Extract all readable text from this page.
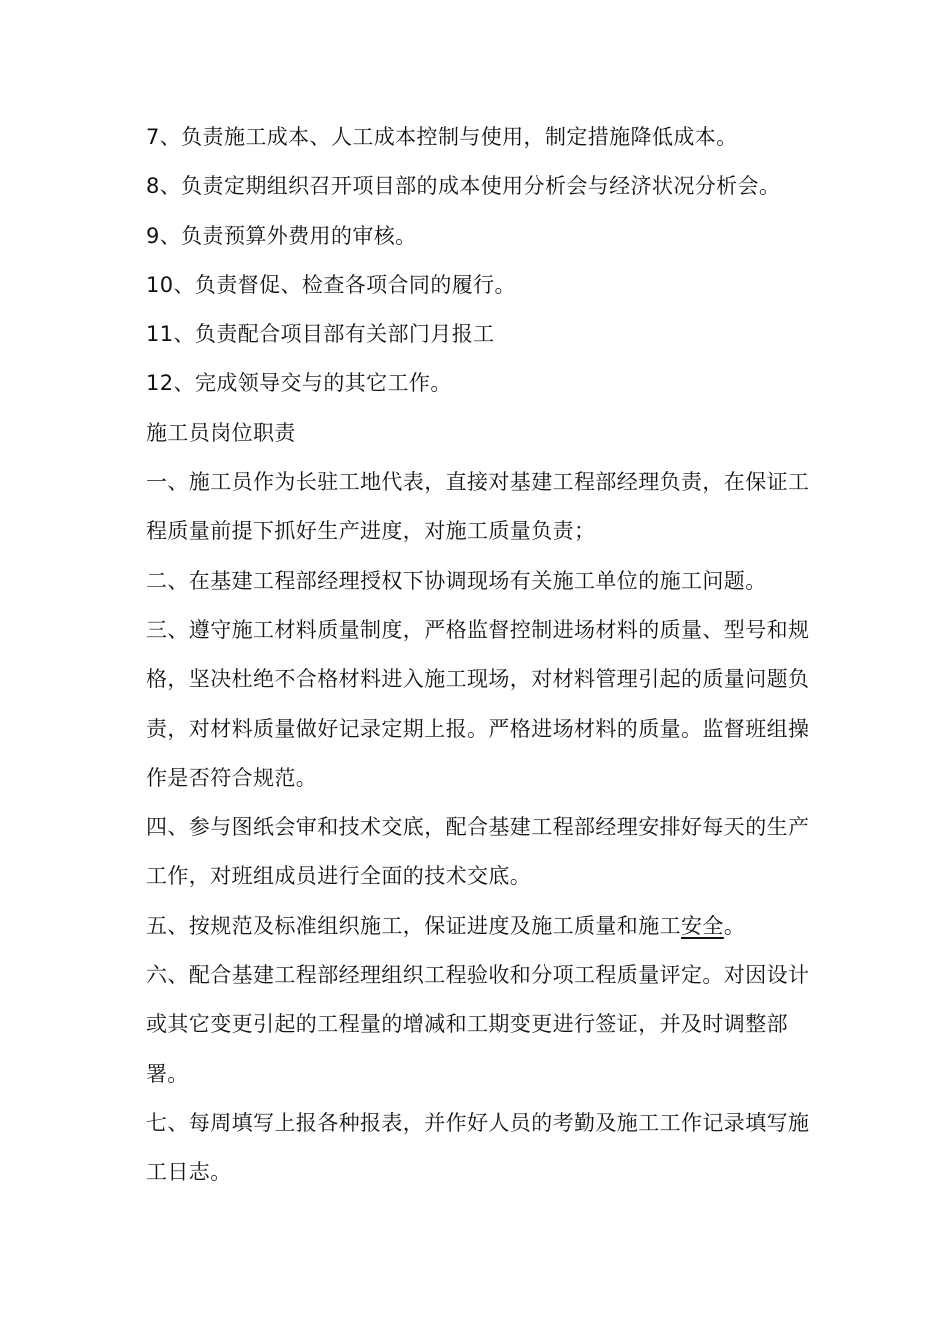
7、负责施工成本、人工成本控制与使用，制定措施降低成本。
8、负责定期组织召开项目部的成本使用分析会与经济状况分析会。
9、负责预算外费用的审核。
10、负责督促、检查各项合同的履行。
11、负责配合项目部有关部门月报工
12、完成领导交与的其它工作。
施工员岗位职责
一、施工员作为长驻工地代表，直接对基建工程部经理负责，在保证工
程质量前提下抓好生产进度，对施工质量负责；
二、在基建工程部经理授权下协调现场有关施工单位的施工问题。
三、遵守施工材料质量制度，严格监督控制进场材料的质量、型号和规
格，坚决杜绝不合格材料进入施工现场，对材料管理引起的质量问题负
责，对材料质量做好记录定期上报。严格进场材料的质量。监督班组操
作是否符合规范。
四、参与图纸会审和技术交底，配合基建工程部经理安排好每天的生产
工作，对班组成员进行全面的技术交底。
五、按规范及标准组织施工，保证进度及施工质量和施工安全。
六、配合基建工程部经理组织工程验收和分项工程质量评定。对因设计
或其它变更引起的工程量的增减和工期变更进行签证，并及时调整部
署。
七、每周填写上报各种报表，并作好人员的考勤及施工工作记录填写施
工日志。
